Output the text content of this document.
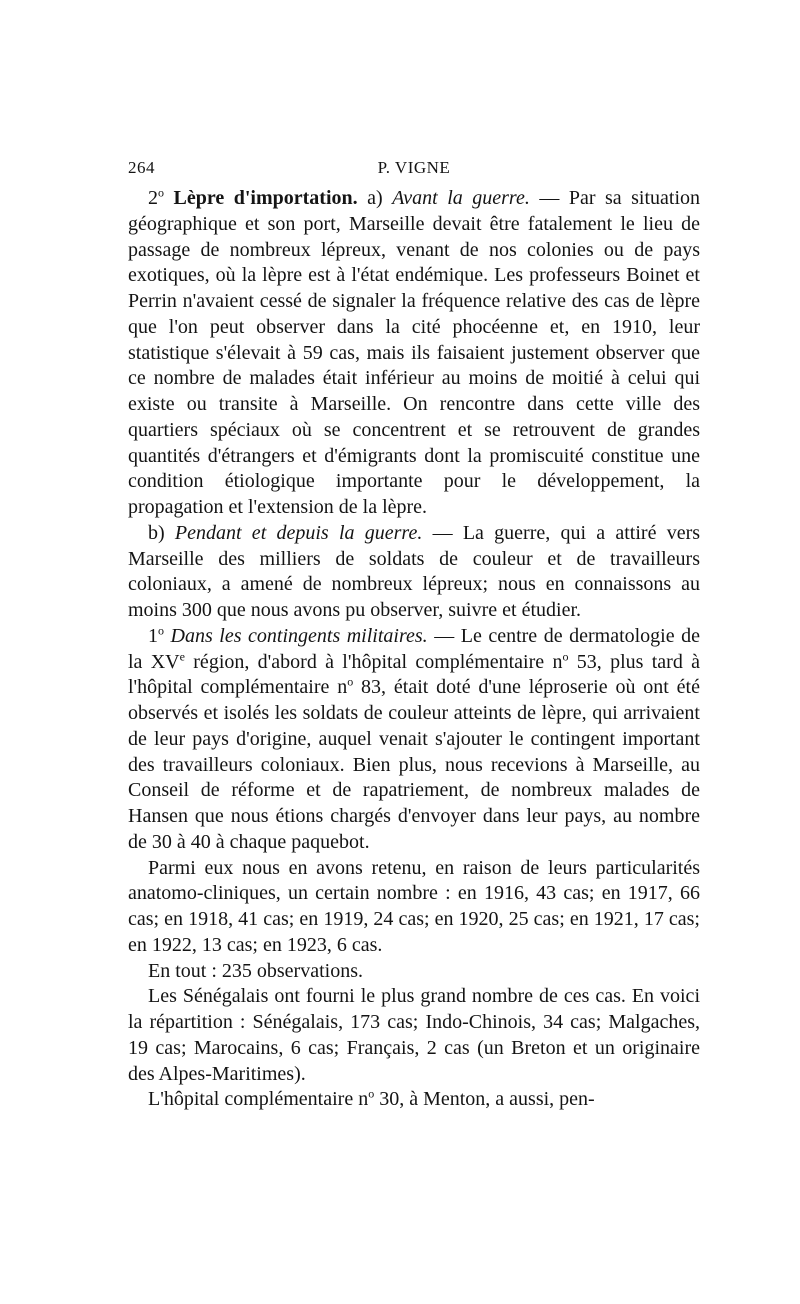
264	P. VIGNE

2$^o$ Lèpre d'importation. a) Avant la guerre. — Par sa situation géographique et son port, Marseille devait être fatalement le lieu de passage de nombreux lépreux, venant de nos colonies ou de pays exotiques, où la lèpre est à l'état endémique. Les professeurs Boinet et Perrin n'avaient cessé de signaler la fréquence relative des cas de lèpre que l'on peut observer dans la cité phocéenne et, en 1910, leur statistique s'élevait à 59 cas, mais ils faisaient justement observer que ce nombre de malades était inférieur au moins de moitié à celui qui existe ou transite à Marseille. On rencontre dans cette ville des quartiers spéciaux où se concentrent et se retrouvent de grandes quantités d'étrangers et d'émigrants dont la promiscuité constitue une condition étiologique importante pour le développement, la propagation et l'extension de la lèpre.

b) Pendant et depuis la guerre. — La guerre, qui a attiré vers Marseille des milliers de soldats de couleur et de travailleurs coloniaux, a amené de nombreux lépreux; nous en connaissons au moins 300 que nous avons pu observer, suivre et étudier.

1$^o$ Dans les contingents militaires. — Le centre de dermatologie de la XVe région, d'abord à l'hôpital complémentaire $n^o$ 53, plus tard à l'hôpital complémentaire $n^o$ 83, était doté d'une léproserie où ont été observés et isolés les soldats de couleur atteints de lèpre, qui arrivaient de leur pays d'origine, auquel venait s'ajouter le contingent important des travailleurs coloniaux. Bien plus, nous recevions à Marseille, au Conseil de réforme et de rapatriement, de nombreux malades de Hansen que nous étions chargés d'envoyer dans leur pays, au nombre de 30 à 40 à chaque paquebot.

Parmi eux nous en avons retenu, en raison de leurs particularités anatomo-cliniques, un certain nombre : en 1916, 43 cas; en 1917, 66 cas; en 1918, 41 cas; en 1919, 24 cas; en 1920, 25 cas; en 1921, 17 cas; en 1922, 13 cas; en 1923, 6 cas.

En tout : 235 observations.

Les Sénégalais ont fourni le plus grand nombre de ces cas. En voici la répartition : Sénégalais, 173 cas; Indo-Chinois, 34 cas; Malgaches, 19 cas; Marocains, 6 cas; Français, 2 cas (un Breton et un originaire des Alpes-Maritimes).

L'hôpital complémentaire $n^o$ 30, à Menton, a aussi, pen-
